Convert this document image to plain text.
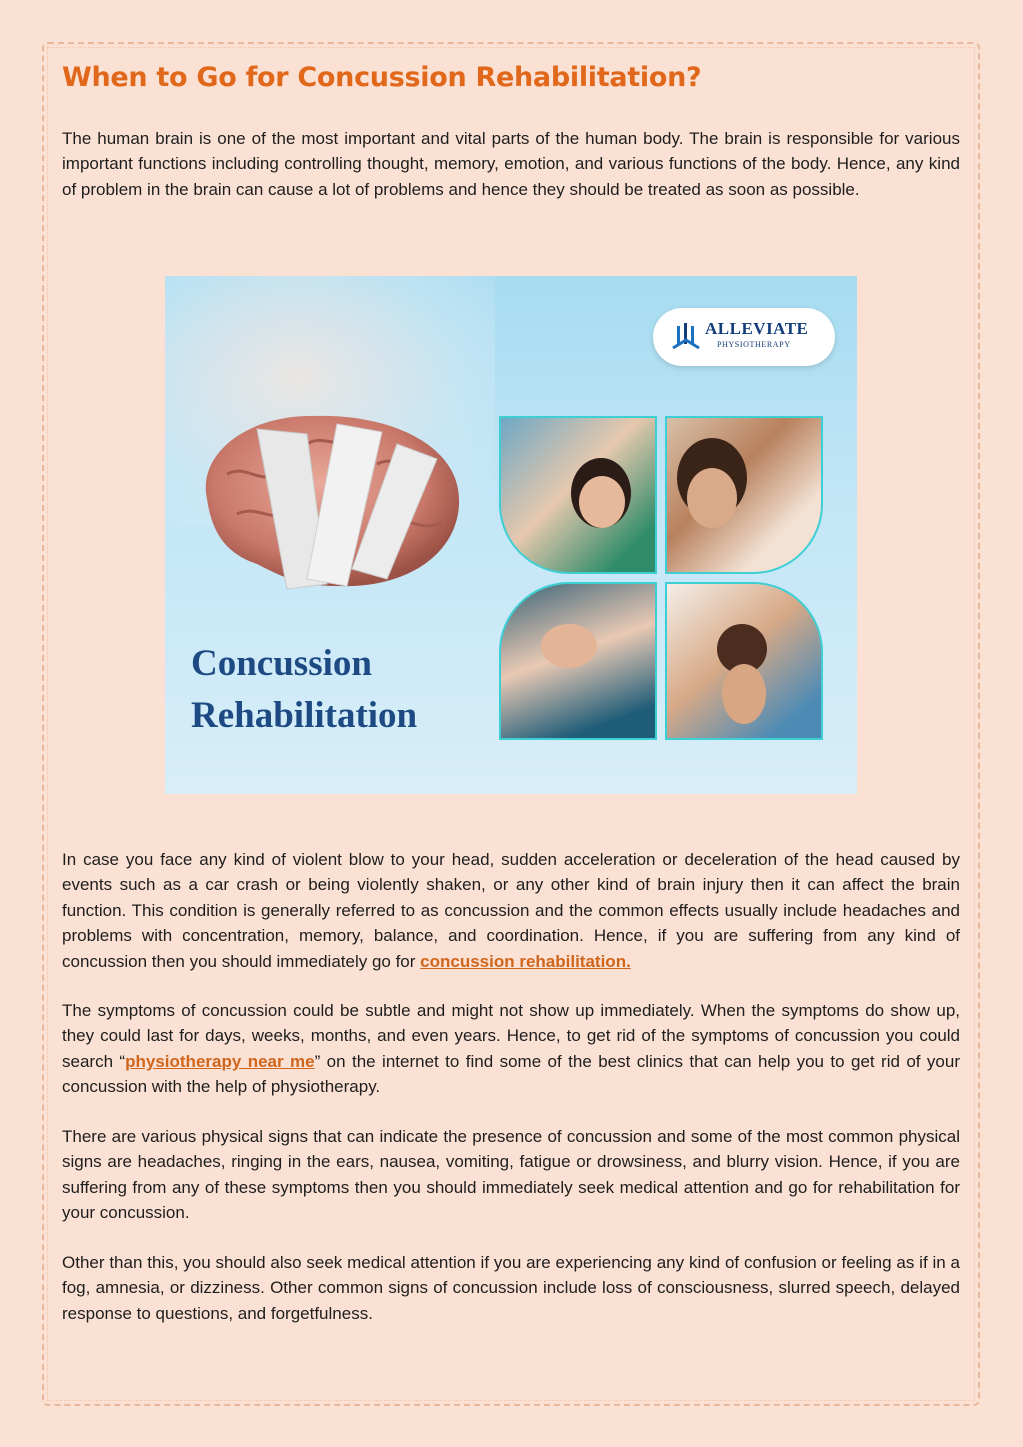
When to Go for Concussion Rehabilitation?

The human brain is one of the most important and vital parts of the human body. The brain is responsible for various important functions including controlling thought, memory, emotion, and various functions of the body. Hence, any kind of problem in the brain can cause a lot of problems and hence they should be treated as soon as possible.

ALLEVIATE
PHYSIOTHERAPY
Concussion
Rehabilitation

In case you face any kind of violent blow to your head, sudden acceleration or deceleration of the head caused by events such as a car crash or being violently shaken, or any other kind of brain injury then it can affect the brain function. This condition is generally referred to as concussion and the common effects usually include headaches and problems with concentration, memory, balance, and coordination. Hence, if you are suffering from any kind of concussion then you should immediately go for concussion rehabilitation.

The symptoms of concussion could be subtle and might not show up immediately. When the symptoms do show up, they could last for days, weeks, months, and even years. Hence, to get rid of the symptoms of concussion you could search “physiotherapy near me” on the internet to find some of the best clinics that can help you to get rid of your concussion with the help of physiotherapy.

There are various physical signs that can indicate the presence of concussion and some of the most common physical signs are headaches, ringing in the ears, nausea, vomiting, fatigue or drowsiness, and blurry vision. Hence, if you are suffering from any of these symptoms then you should immediately seek medical attention and go for rehabilitation for your concussion.

Other than this, you should also seek medical attention if you are experiencing any kind of confusion or feeling as if in a fog, amnesia, or dizziness. Other common signs of concussion include loss of consciousness, slurred speech, delayed response to questions, and forgetfulness.
